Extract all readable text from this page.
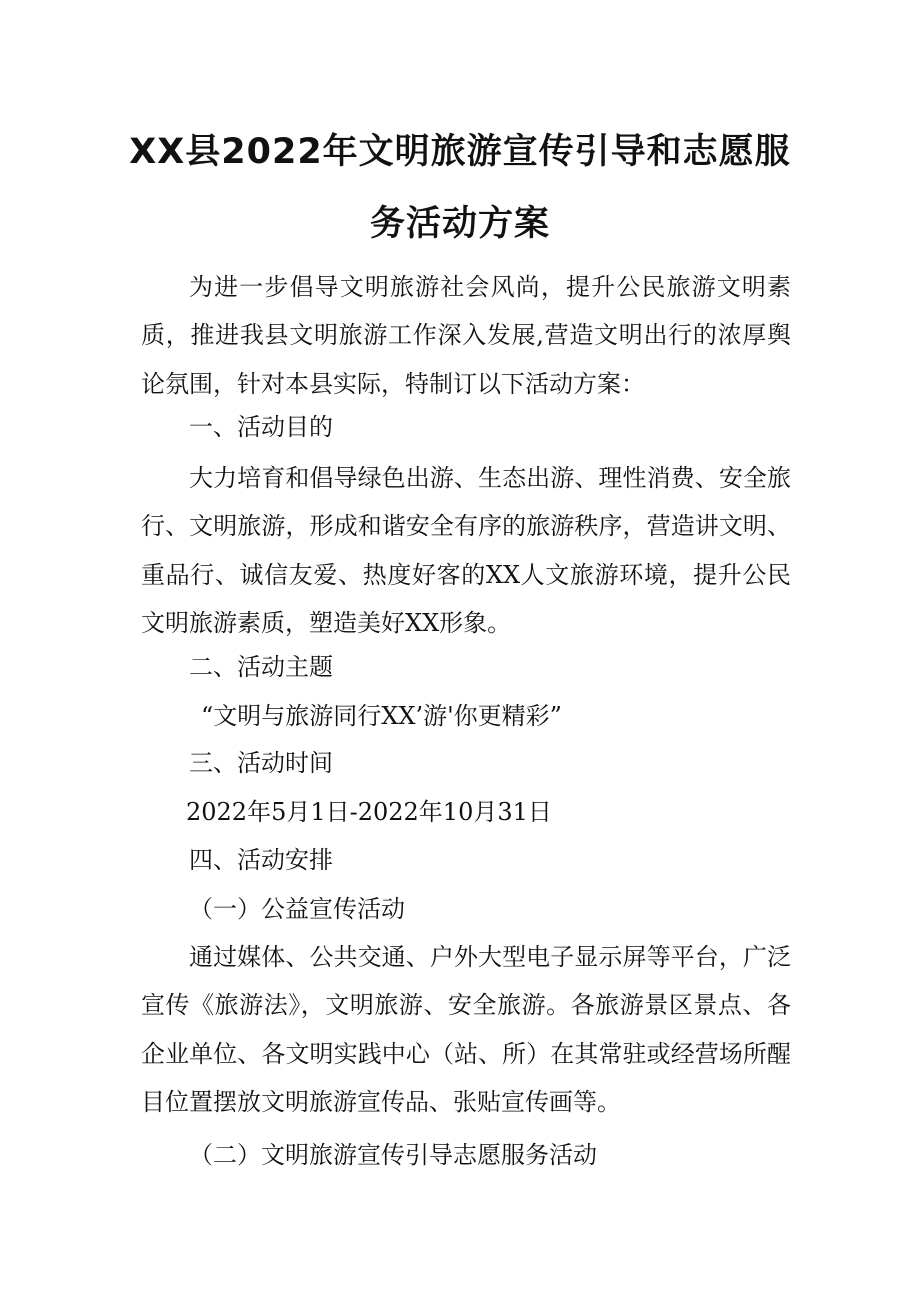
XX县2022年文明旅游宣传引导和志愿服
务活动方案

为进一步倡导文明旅游社会风尚，提升公民旅游文明素质，推进我县文明旅游工作深入发展,营造文明出行的浓厚舆论氛围，针对本县实际，特制订以下活动方案：

一、活动目的

大力培育和倡导绿色出游、生态出游、理性消费、安全旅行、文明旅游，形成和谐安全有序的旅游秩序，营造讲文明、重品行、诚信友爱、热度好客的XX人文旅游环境，提升公民文明旅游素质，塑造美好XX形象。

二、活动主题

“文明与旅游同行XX’游'你更精彩”

三、活动时间

2022年5月1日-2022年10月31日

四、活动安排

（一）公益宣传活动

通过媒体、公共交通、户外大型电子显示屏等平台，广泛宣传《旅游法》，文明旅游、安全旅游。各旅游景区景点、各企业单位、各文明实践中心（站、所）在其常驻或经营场所醒目位置摆放文明旅游宣传品、张贴宣传画等。

（二）文明旅游宣传引导志愿服务活动
